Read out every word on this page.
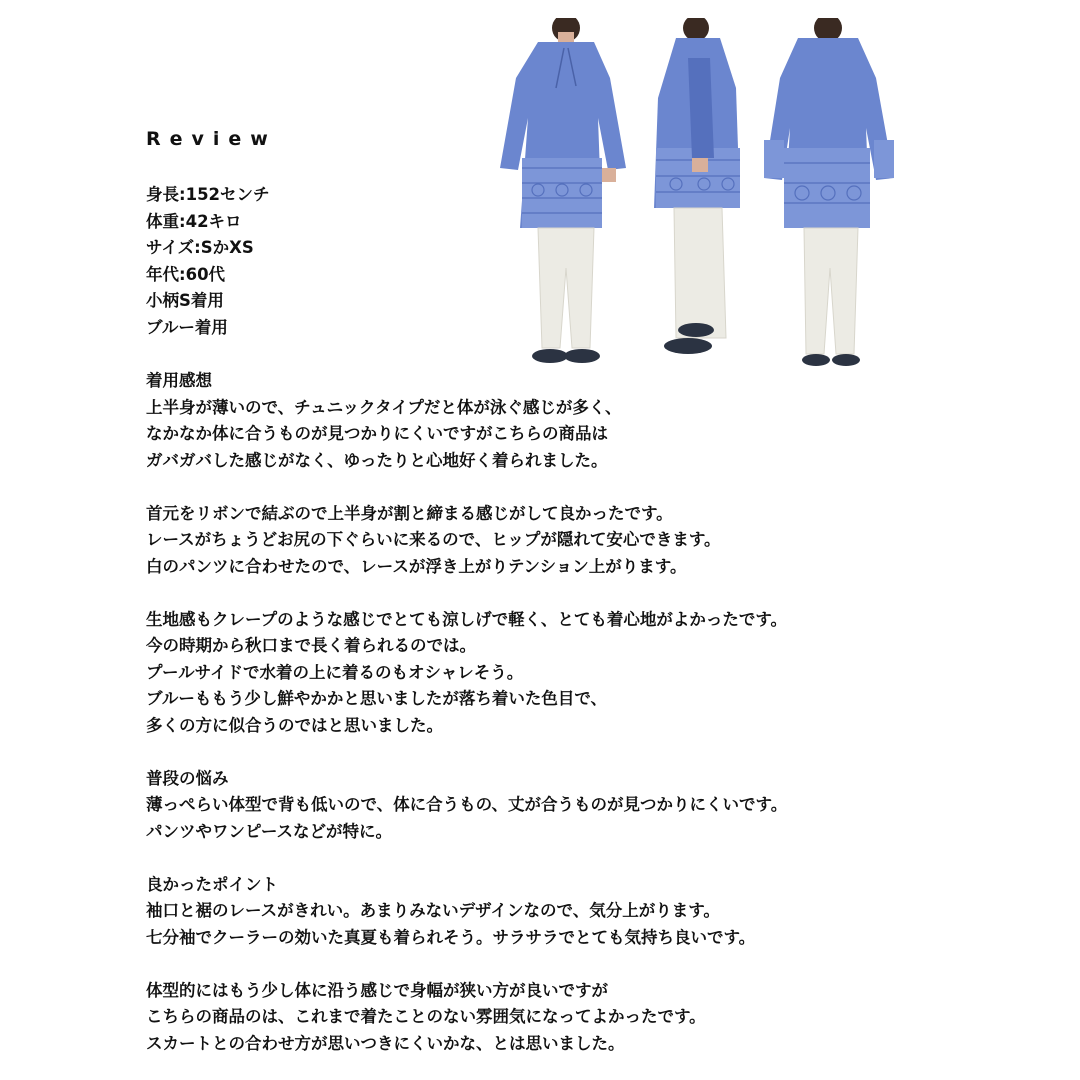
Review
身長:152センチ
体重:42キロ
サイズ:SかXS
年代:60代
小柄S着用
ブルー着用
着用感想
上半身が薄いので、チュニックタイプだと体が泳ぐ感じが多く、
なかなか体に合うものが見つかりにくいですがこちらの商品は
ガバガバした感じがなく、ゆったりと心地好く着られました。
首元をリボンで結ぶので上半身が割と締まる感じがして良かったです。
レースがちょうどお尻の下ぐらいに来るので、ヒップが隠れて安心できます。
白のパンツに合わせたので、レースが浮き上がりテンション上がります。
生地感もクレープのような感じでとても涼しげで軽く、とても着心地がよかったです。
今の時期から秋口まで長く着られるのでは。
プールサイドで水着の上に着るのもオシャレそう。
ブルーももう少し鮮やかかと思いましたが落ち着いた色目で、
多くの方に似合うのではと思いました。
普段の悩み
薄っぺらい体型で背も低いので、体に合うもの、丈が合うものが見つかりにくいです。
パンツやワンピースなどが特に。
良かったポイント
袖口と裾のレースがきれい。あまりみないデザインなので、気分上がります。
七分袖でクーラーの効いた真夏も着られそう。サラサラでとても気持ち良いです。
体型的にはもう少し体に沿う感じで身幅が狭い方が良いですが
こちらの商品のは、これまで着たことのない雰囲気になってよかったです。
スカートとの合わせ方が思いつきにくいかな、とは思いました。
